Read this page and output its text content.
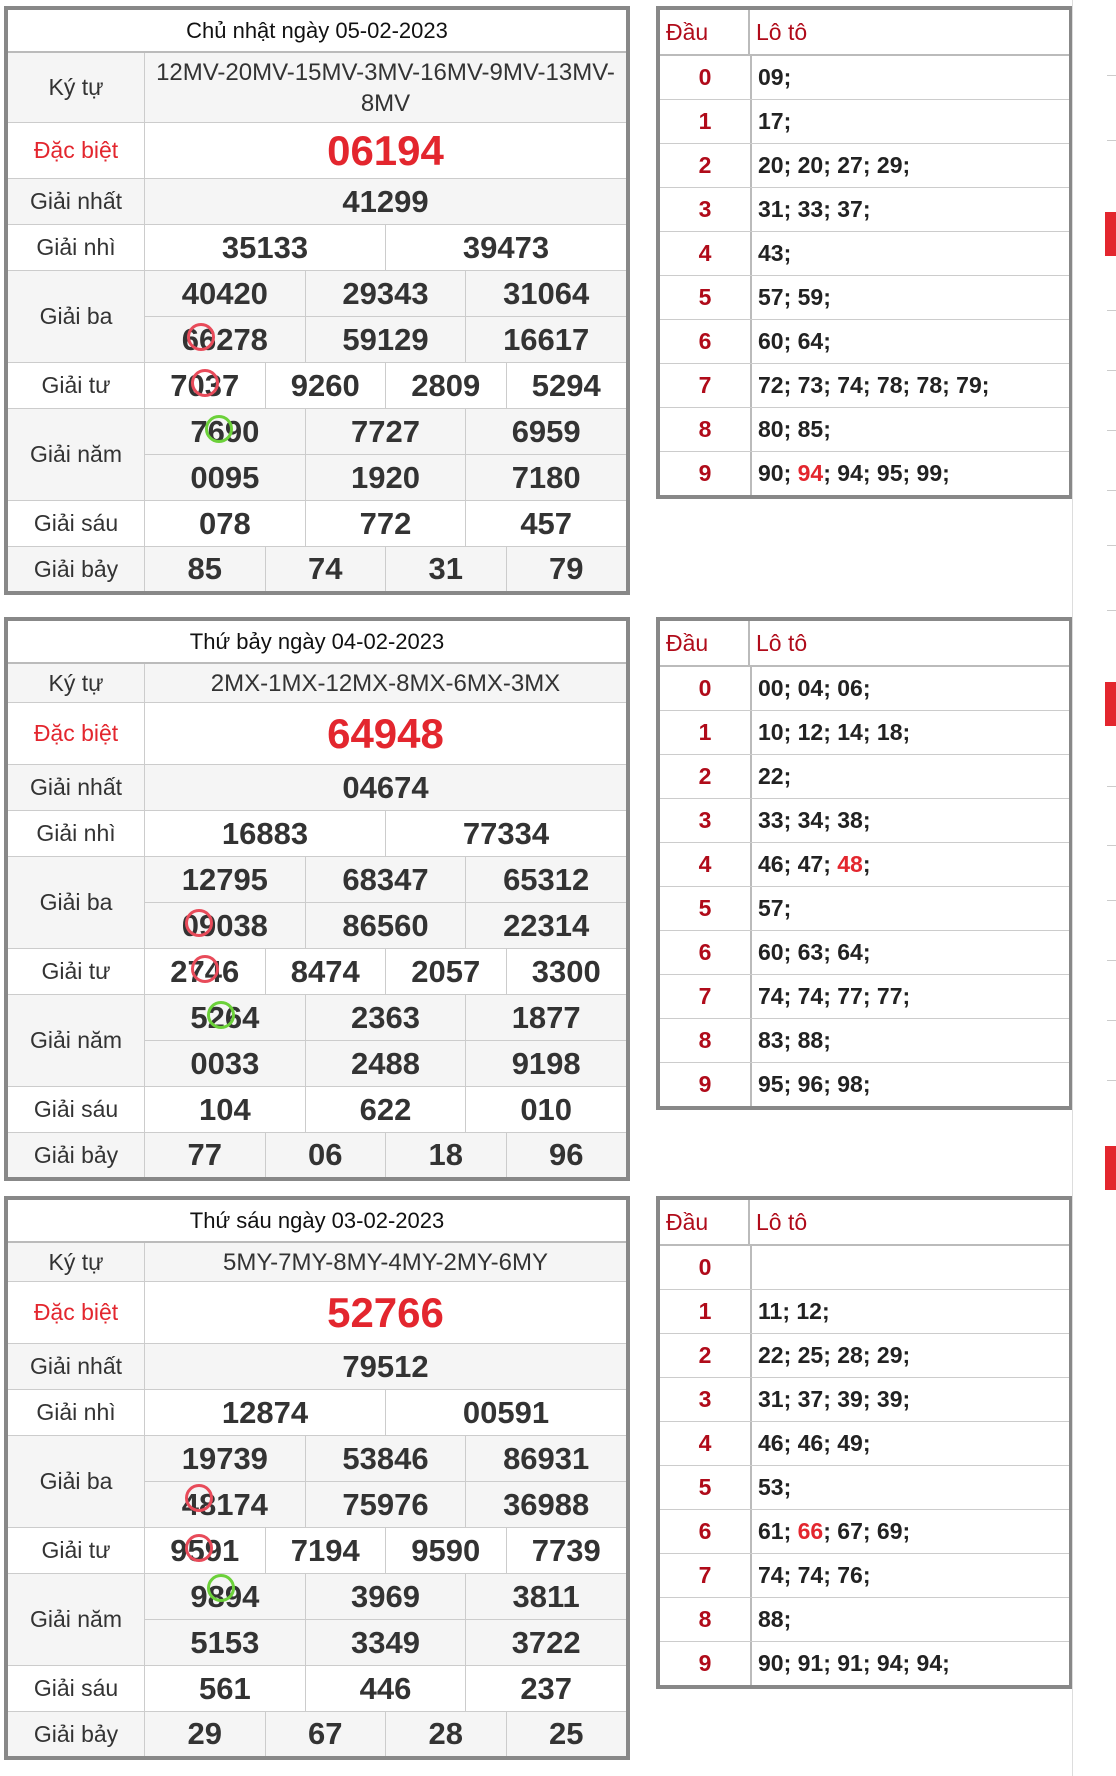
Chủ nhật ngày 05-02-2023
Ký tự
12MV-20MV-15MV-3MV-16MV-9MV-13MV-8MV
Đặc biệt	06194
Giải nhất	41299
Giải nhì	35133	39473
Giải ba
40420	29343	31064
66278	59129	16617
Giải tư	7037	9260	2809	5294
Giải năm
7690	7727	6959
0095	1920	7180
Giải sáu	078	772	457
Giải bảy	85	74	31	79
Đầu	Lô tô
0	09;
1	17;
2	20; 20; 27; 29;
3	31; 33; 37;
4	43;
5	57; 59;
6	60; 64;
7	72; 73; 74; 78; 78; 79;
8	80; 85;
9	90; 94 ; 94; 95; 99;
Thứ bảy ngày 04-02-2023
Ký tự	2MX-1MX-12MX-8MX-6MX-3MX
Đặc biệt	64948
Giải nhất	04674
Giải nhì	16883	77334
Giải ba
12795	68347	65312
09038	86560	22314
Giải tư	2746	8474	2057	3300
Giải năm
5264	2363	1877
0033	2488	9198
Giải sáu	104	622	010
Giải bảy	77	06	18	96
Đầu	Lô tô
0	00; 04; 06;
1	10; 12; 14; 18;
2	22;
3	33; 34; 38;
4	46; 47; 48 ;
5	57;
6	60; 63; 64;
7	74; 74; 77; 77;
8	83; 88;
9	95; 96; 98;
Thứ sáu ngày 03-02-2023
Ký tự	5MY-7MY-8MY-4MY-2MY-6MY
Đặc biệt	52766
Giải nhất	79512
Giải nhì	12874	00591
Giải ba
19739	53846	86931
48174	75976	36988
Giải tư	9591	7194	9590	7739
Giải năm
9894	3969	3811
5153	3349	3722
Giải sáu	561	446	237
Giải bảy	29	67	28	25
Đầu	Lô tô
0
1	11; 12;
2	22; 25; 28; 29;
3	31; 37; 39; 39;
4	46; 46; 49;
5	53;
6	61; 66 ; 67; 69;
7	74; 74; 76;
8	88;
9	90; 91; 91; 94; 94;
